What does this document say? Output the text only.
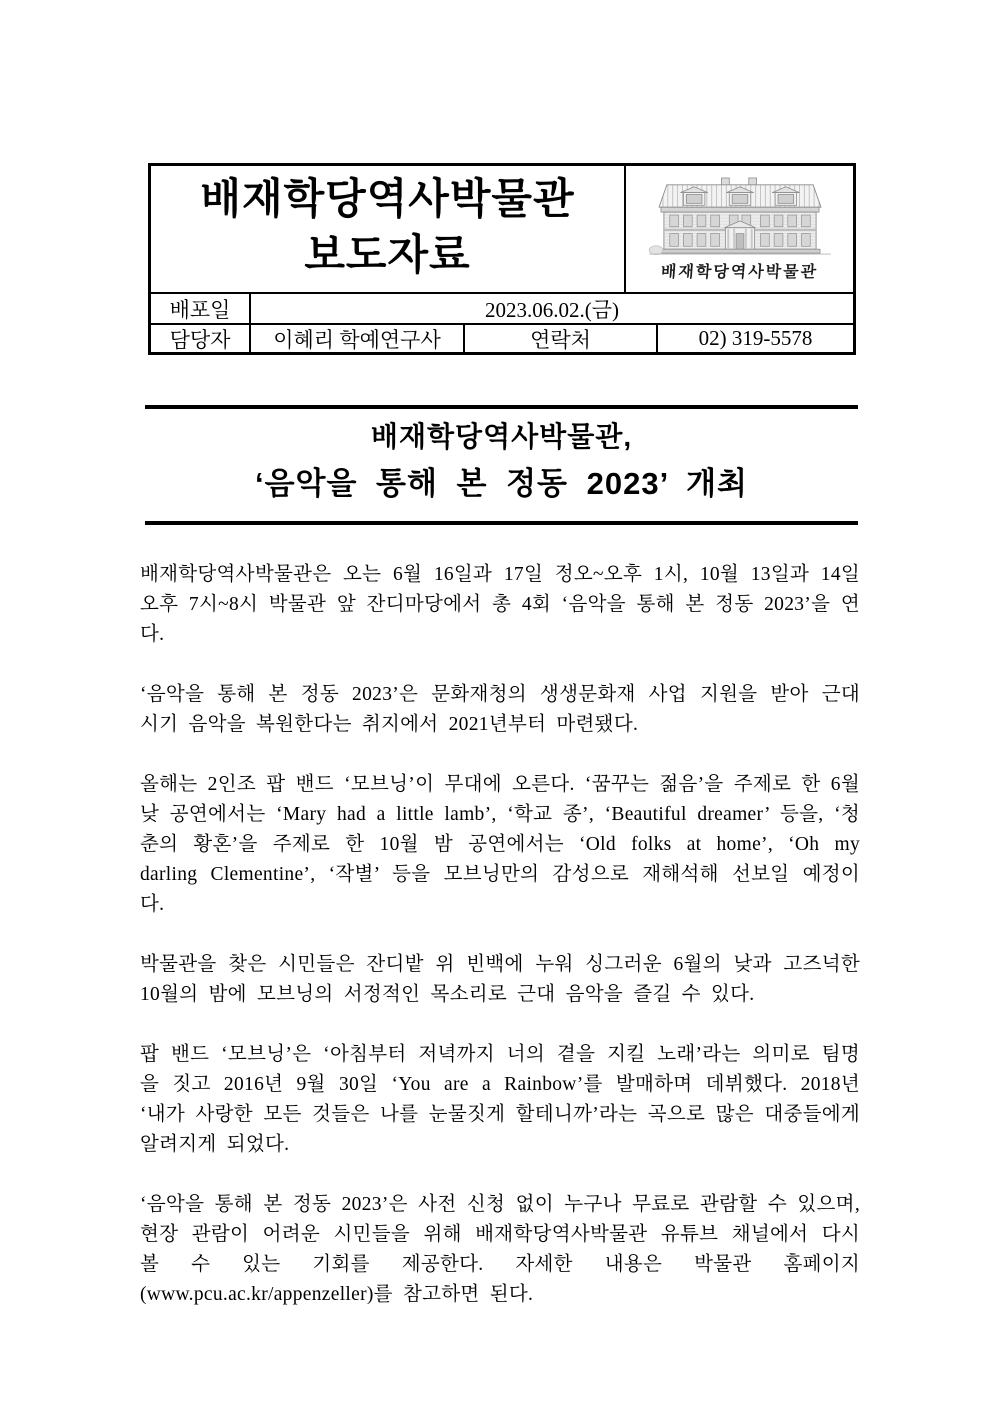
배재학당역사박물관
보도자료	배재학당역사박물관
배포일	2023.06.02.(금)
담당자	이혜리 학예연구사	연락처	02) 319-5578
배재학당역사박물관,
‘음악을 통해 본 정동 2023’ 개최

배재학당역사박물관은 오는 6월 16일과 17일 정오~오후 1시, 10월 13일과 14일 오후 7시~8시 박물관 앞 잔디마당에서 총 4회 ‘음악을 통해 본 정동 2023’을 연다.

‘음악을 통해 본 정동 2023’은 문화재청의 생생문화재 사업 지원을 받아 근대 시기 음악을 복원한다는 취지에서 2021년부터 마련됐다.

올해는 2인조 팝 밴드 ‘모브닝’이 무대에 오른다. ‘꿈꾸는 젊음’을 주제로 한 6월 낮 공연에서는 ‘Mary had a little lamb’, ‘학교 종’, ‘Beautiful dreamer’ 등을, ‘청춘의 황혼’을 주제로 한 10월 밤 공연에서는 ‘Old folks at home’, ‘Oh my darling Clementine’, ‘작별’ 등을 모브닝만의 감성으로 재해석해 선보일 예정이다.

박물관을 찾은 시민들은 잔디밭 위 빈백에 누워 싱그러운 6월의 낮과 고즈넉한 10월의 밤에 모브닝의 서정적인 목소리로 근대 음악을 즐길 수 있다.

팝 밴드 ‘모브닝’은 ‘아침부터 저녁까지 너의 곁을 지킬 노래’라는 의미로 팀명을 짓고 2016년 9월 30일 ‘You are a Rainbow’를 발매하며 데뷔했다. 2018년 ‘내가 사랑한 모든 것들은 나를 눈물짓게 할테니까’라는 곡으로 많은 대중들에게 알려지게 되었다.

‘음악을 통해 본 정동 2023’은 사전 신청 없이 누구나 무료로 관람할 수 있으며, 현장 관람이 어려운 시민들을 위해 배재학당역사박물관 유튜브 채널에서 다시 볼 수 있는 기회를 제공한다. 자세한 내용은 박물관 홈페이지(www.pcu.ac.kr/appenzeller)를 참고하면 된다.
